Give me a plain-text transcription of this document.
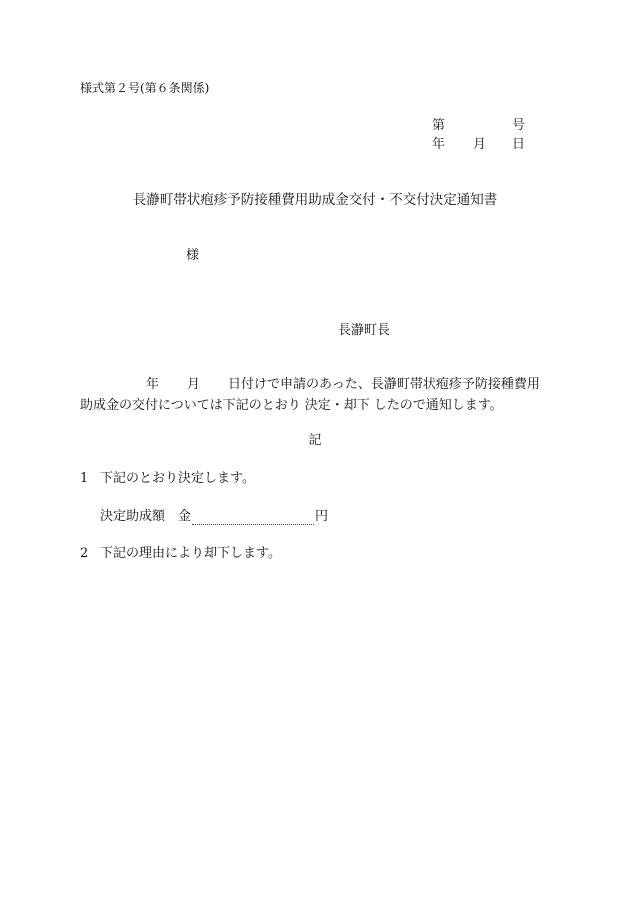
様式第２号(第６条関係)
第	号
年 月 日
長瀞町帯状疱疹予防接種費用助成金交付・不交付決定通知書
様
長瀞町長
年 月 日付けで申請のあった、長瀞町帯状疱疹予防接種費用
助成金の交付については下記のとおり 決定・却下 したので通知します。
記
1 下記のとおり決定します。
決定助成額 金	円
2 下記の理由により却下します。
